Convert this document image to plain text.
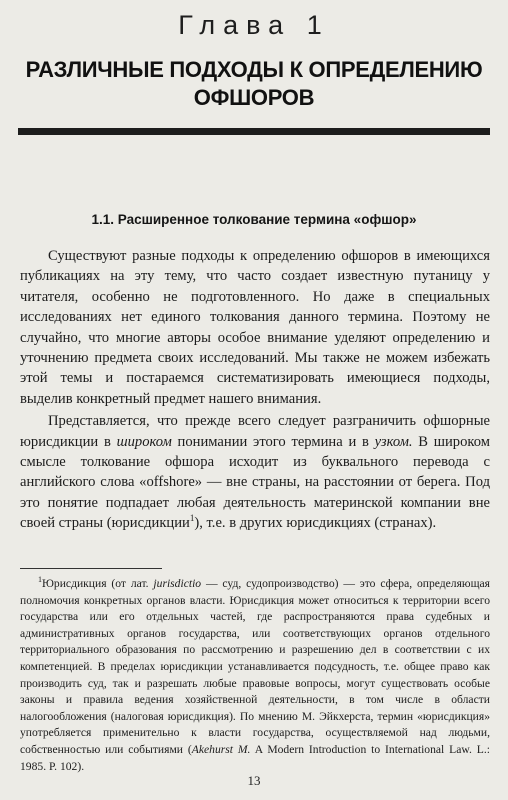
Глава 1
РАЗЛИЧНЫЕ ПОДХОДЫ К ОПРЕДЕЛЕНИЮ
ОФШОРОВ
1.1. Расширенное толкование термина «офшор»

Существуют разные подходы к определению офшоров в имеющихся публикациях на эту тему, что часто создает известную путаницу у читателя, особенно не подготовленного. Но даже в специальных исследованиях нет единого толкования данного термина. Поэтому не случайно, что многие авторы особое внимание уделяют определению и уточнению предмета своих исследований. Мы также не можем избежать этой темы и постараемся систематизировать имеющиеся подходы, выделив конкретный предмет нашего внимания.

Представляется, что прежде всего следует разграничить офшорные юрисдикции в широком понимании этого термина и в узком. В широком смысле толкование офшора исходит из буквального перевода с английского слова «offshore» — вне страны, на расстоянии от берега. Под это понятие подпадает любая деятельность материнской компании вне своей страны (юрисдикции$^1$), т.е. в других юрисдикциях (странах).

$^1$Юрисдикция (от лат. jurisdictio — суд, судопроизводство) — это сфера, определяющая полномочия конкретных органов власти. Юрисдикция может относиться к территории всего государства или его отдельных частей, где распространяются права судебных и административных органов государства, или соответствующих органов отдельного территориального образования по рассмотрению и разрешению дел в соответствии с их компетенцией. В пределах юрисдикции устанавливается подсудность, т.е. общее право как производить суд, так и разрешать любые правовые вопросы, могут существовать особые законы и правила ведения хозяйственной деятельности, в том числе в области налогообложения (налоговая юрисдикция). По мнению М. Эйкхерста, термин «юрисдикция» употребляется применительно к власти государства, осуществляемой над людьми, собственностью или событиями (Akehurst M. A Modern Introduction to International Law. L.: 1985. P. 102).

13
